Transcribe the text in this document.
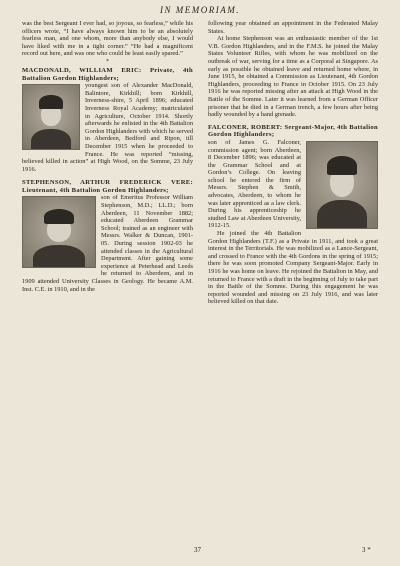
IN MEMORIAM.

was the best Sergeant I ever had, so joyous, so fearless,” while his officers wrote, “I have always known him to be an absolutely fearless man, and one whom, more than anybody else, I would have liked with me in a tight corner.” “He had a magnificent record out here, and was one who could be least easily spared.”

*

MACDONALD, WILLIAM ERIC: Private, 4th Battalion Gordon Highlanders;

youngest son of Alexander MacDonald, Balintore, Kirkhill; born Kirkhill, Inverness-shire, 5 April 1896; educated Inverness Royal Academy; matriculated in Agriculture, October 1914. Shortly afterwards he enlisted in the 4th Battalion Gordon Highlanders with which he served in Aberdeen, Bedford and Ripon, till December 1915 when he proceeded to France. He was reported “missing, believed killed in action” at High Wood, on the Somme, 23 July 1916.

STEPHENSON, ARTHUR FREDERICK VERE: Lieutenant, 4th Battalion Gordon Highlanders;

son of Emeritus Professor William Stephenson, M.D.; LL.D.; born Aberdeen, 11 November 1882; educated Aberdeen Grammar School; trained as an engineer with Messrs. Walker & Duncan, 1901-05. During session 1902-03 he attended classes in the Agricultural Department. After gaining some experience at Peterhead and Leeds he returned to Aberdeen, and in 1909 attended University Classes in Geology. He became A.M. Inst. C.E. in 1910, and in the

following year obtained an appointment in the Federated Malay States.

At home Stephenson was an enthusiastic member of the 1st V.B. Gordon Highlanders, and in the F.M.S. he joined the Malay States Volunteer Rifles, with whom he was mobilized on the outbreak of war, serving for a time as a Corporal at Singapore. As early as possible he obtained leave and returned home where, in June 1915, he obtained a Commission as Lieutenant, 4th Gordon Highlanders, proceeding to France in October 1915. On 23 July 1916 he was reported missing after an attack at High Wood in the Battle of the Somme. Later it was learned from a German Officer prisoner that he died in a German trench, a few hours after being badly wounded by a hand grenade.

FALCONER, ROBERT: Sergeant-Major, 4th Battalion Gordon Highlanders;

son of James G. Falconer, commission agent; born Aberdeen, 8 December 1896; was educated at the Grammar School and at Gordon’s College. On leaving school he entered the firm of Messrs. Stephen & Smith, advocates, Aberdeen, to whom he was later apprenticed as a law clerk. During his apprenticeship he studied Law at Aberdeen University, 1912-15.

He joined the 4th Battalion Gordon Highlanders (T.F.) as a Private in 1911, and took a great interest in the Territorials. He was mobilized as a Lance-Sergeant, and crossed to France with the 4th Gordons in the spring of 1915; there he was soon promoted Company Sergeant-Major. Early in 1916 he was home on leave. He rejoined the Battalion in May, and returned to France with a draft in the beginning of July to take part in the Battle of the Somme. During this engagement he was reported wounded and missing on 23 July 1916, and was later believed killed on that date.

37	3 *
